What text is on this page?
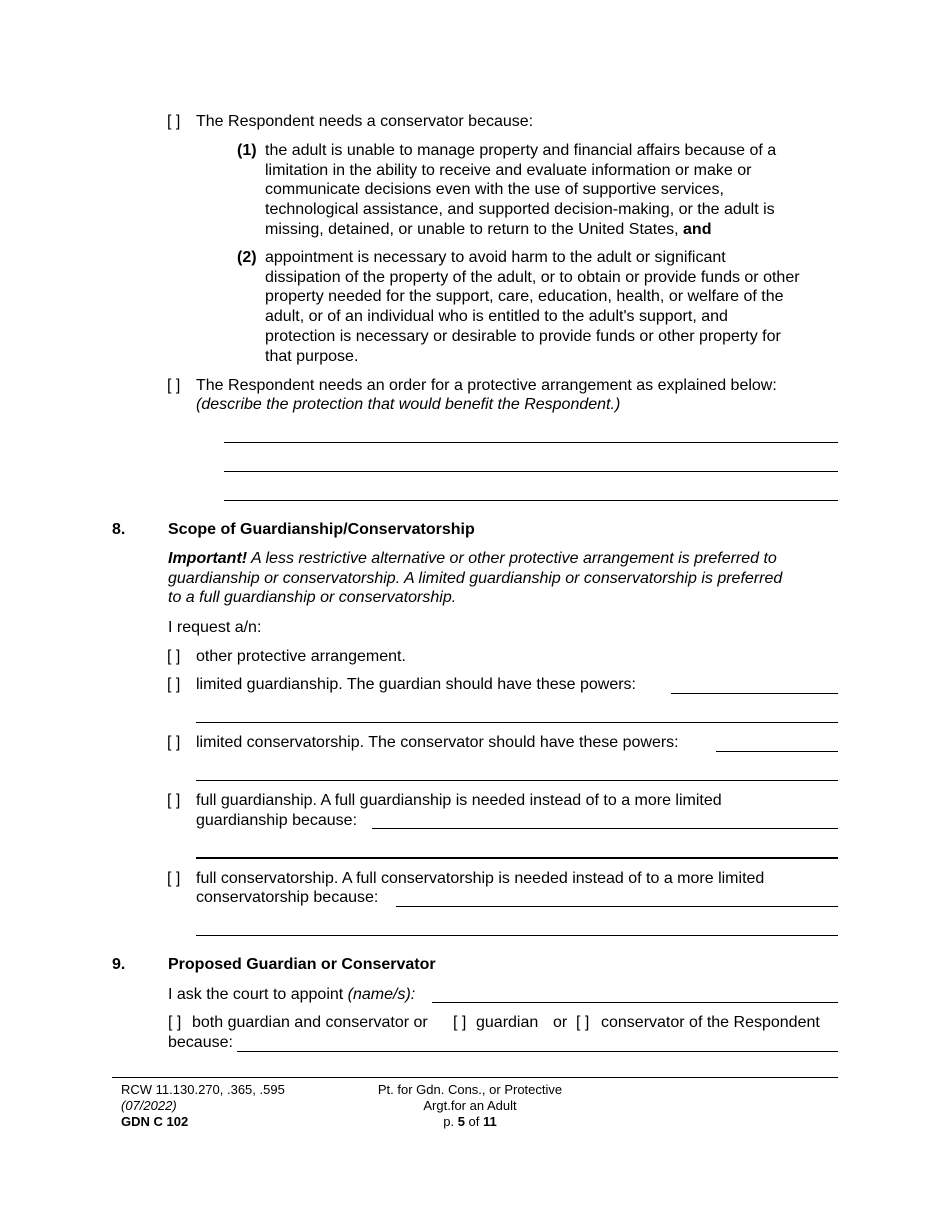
[ ] The Respondent needs a conservator because:
(1) the adult is unable to manage property and financial affairs because of a
limitation in the ability to receive and evaluate information or make or
communicate decisions even with the use of supportive services,
technological assistance, and supported decision-making, or the adult is
missing, detained, or unable to return to the United States, and
(2) appointment is necessary to avoid harm to the adult or significant
dissipation of the property of the adult, or to obtain or provide funds or other
property needed for the support, care, education, health, or welfare of the
adult, or of an individual who is entitled to the adult's support, and
protection is necessary or desirable to provide funds or other property for
that purpose.
[ ] The Respondent needs an order for a protective arrangement as explained below:
(describe the protection that would benefit the Respondent.)
8.	Scope of Guardianship/Conservatorship
Important! A less restrictive alternative or other protective arrangement is preferred to
guardianship or conservatorship. A limited guardianship or conservatorship is preferred
to a full guardianship or conservatorship.
I request a/n:
[ ] other protective arrangement.
[ ] limited guardianship. The guardian should have these powers:
[ ] limited conservatorship. The conservator should have these powers:
[ ] full guardianship. A full guardianship is needed instead of to a more limited
guardianship because:
[ ] full conservatorship. A full conservatorship is needed instead of to a more limited
conservatorship because:
9.	Proposed Guardian or Conservator
I ask the court to appoint (name/s):
[ ] both guardian and conservator or [ ] guardian or [ ] conservator of the Respondent
because:
RCW 11.130.270, .365, .595
(07/2022)
GDN C 102
Pt. for Gdn. Cons., or Protective
Argt.for an Adult
p. 5 of 11
